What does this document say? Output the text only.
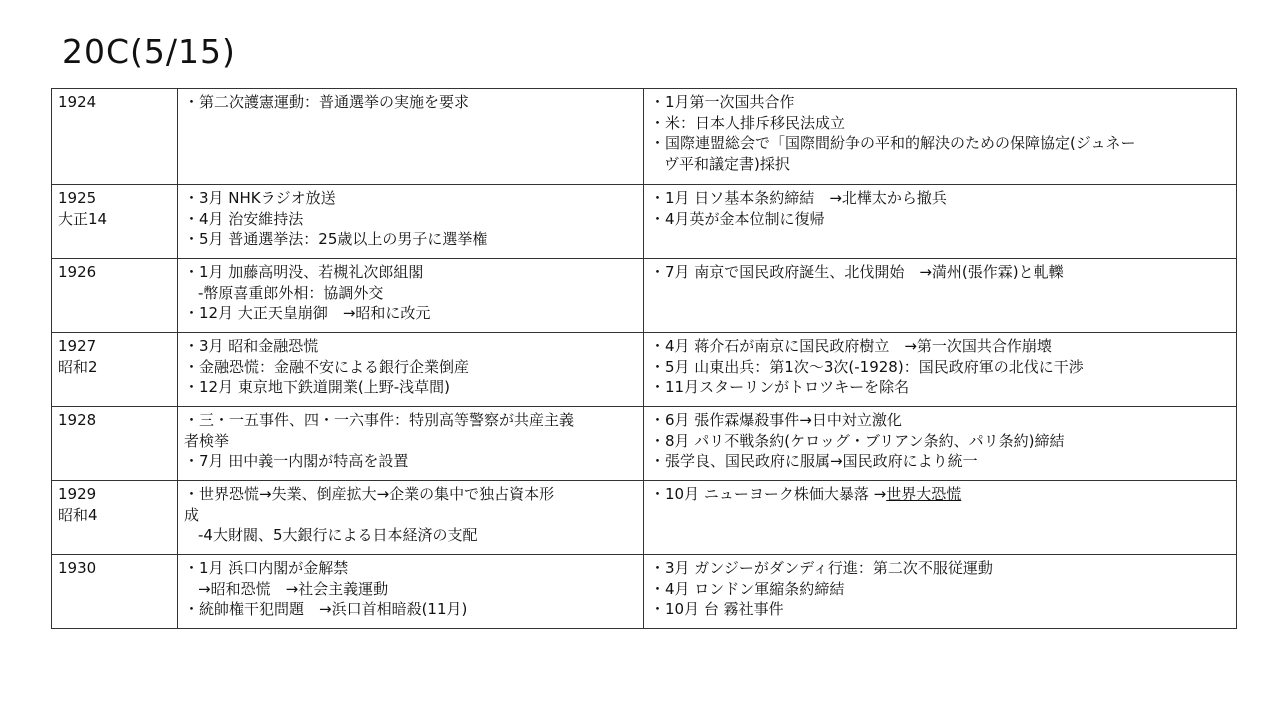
20C(5/15)
1924	・第二次護憲運動：普通選挙の実施を要求	・1月第一次国共合作
・米：日本人排斥移民法成立
・国際連盟総会で「国際間紛争の平和的解決のための保障協定(ジュネー
ヴ平和議定書)採択

1925
大正14	・3月 NHKラジオ放送
・4月 治安維持法
・5月 普通選挙法：25歳以上の男子に選挙権	・1月 日ソ基本条約締結　→北樺太から撤兵
・4月英が金本位制に復帰

1926	・1月 加藤高明没、若槻礼次郎組閣
-幣原喜重郎外相：協調外交
・12月 大正天皇崩御　→昭和に改元	・7月 南京で国民政府誕生、北伐開始　→満州(張作霖)と軋轢

1927
昭和2	・3月 昭和金融恐慌
・金融恐慌：金融不安による銀行企業倒産
・12月 東京地下鉄道開業(上野-浅草間)	・4月 蒋介石が南京に国民政府樹立　→第一次国共合作崩壊
・5月 山東出兵：第1次〜3次(-1928)：国民政府軍の北伐に干渉
・11月スターリンがトロツキーを除名

1928	・三・一五事件、四・一六事件：特別高等警察が共産主義
者検挙
・7月 田中義一内閣が特高を設置	・6月 張作霖爆殺事件→日中対立激化
・8月 パリ不戦条約(ケロッグ・ブリアン条約、パリ条約)締結
・張学良、国民政府に服属→国民政府により統一

1929
昭和4	・世界恐慌→失業、倒産拡大→企業の集中で独占資本形
成
-4大財閥、5大銀行による日本経済の支配	・10月 ニューヨーク株価大暴落 →世界大恐慌

1930	・1月 浜口内閣が金解禁
→昭和恐慌　→社会主義運動
・統帥権干犯問題　→浜口首相暗殺(11月)	・3月 ガンジーがダンディ行進：第二次不服従運動
・4月 ロンドン軍縮条約締結
・10月 台 霧社事件
